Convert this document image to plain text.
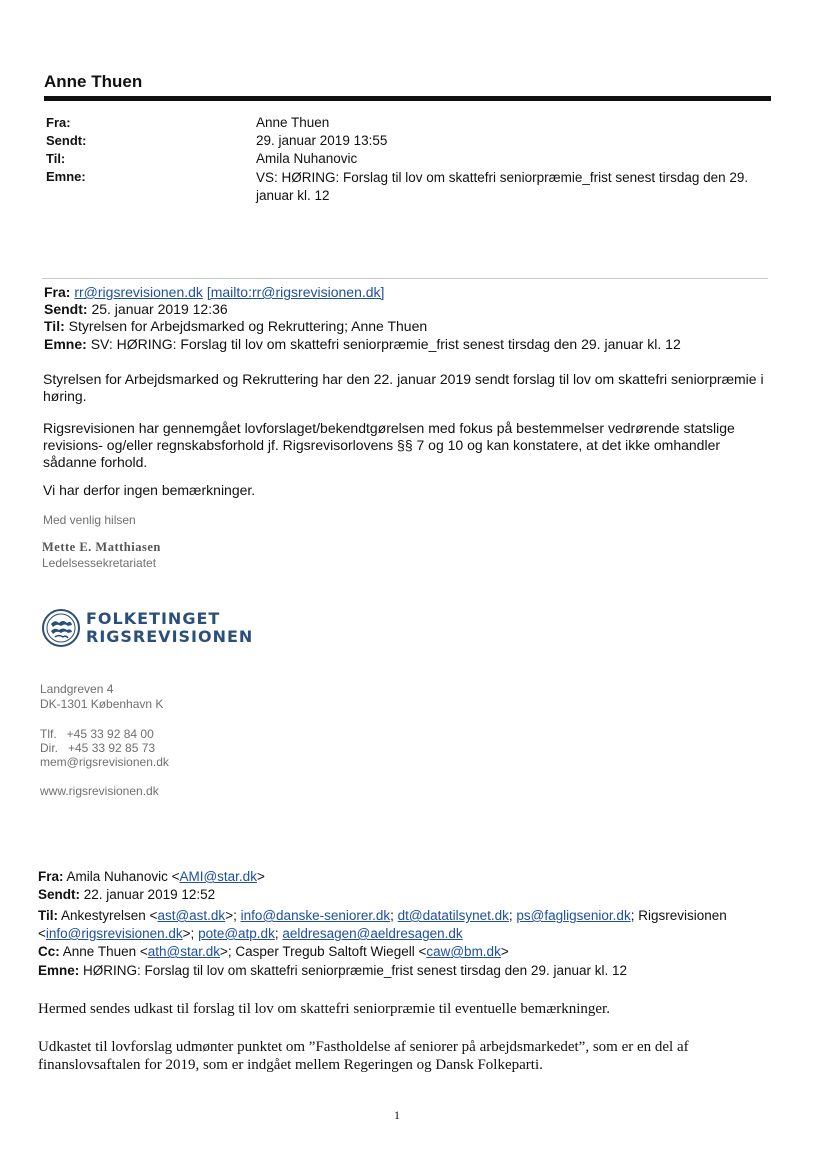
Anne Thuen
Fra:	Anne Thuen
Sendt:	29. januar 2019 13:55
Til:	Amila Nuhanovic
Emne:	VS: HØRING: Forslag til lov om skattefri seniorpræmie_frist senest tirsdag den 29. januar kl. 12
Fra: rr@rigsrevisionen.dk [mailto:rr@rigsrevisionen.dk]
Sendt: 25. januar 2019 12:36
Til: Styrelsen for Arbejdsmarked og Rekruttering; Anne Thuen
Emne: SV: HØRING: Forslag til lov om skattefri seniorpræmie_frist senest tirsdag den 29. januar kl. 12
Styrelsen for Arbejdsmarked og Rekruttering har den 22. januar 2019 sendt forslag til lov om skattefri seniorpræmie i
høring.
Rigsrevisionen har gennemgået lovforslaget/bekendtgørelsen med fokus på bestemmelser vedrørende statslige
revisions- og/eller regnskabsforhold jf. Rigsrevisorlovens §§ 7 og 10 og kan konstatere, at det ikke omhandler
sådanne forhold.
Vi har derfor ingen bemærkninger.
Med venlig hilsen
Mette E. Matthiasen
Ledelsessekretariatet
FOLKETINGET
RIGSREVISIONEN
Landgreven 4
DK-1301 København K
Tlf.   +45 33 92 84 00
Dir.   +45 33 92 85 73
mem@rigsrevisionen.dk
www.rigsrevisionen.dk
Fra: Amila Nuhanovic <AMI@star.dk>
Sendt: 22. januar 2019 12:52
Til: Ankestyrelsen <ast@ast.dk>; info@danske-seniorer.dk; dt@datatilsynet.dk; ps@fagligsenior.dk; Rigsrevisionen
<info@rigsrevisionen.dk>; pote@atp.dk; aeldresagen@aeldresagen.dk
Cc: Anne Thuen <ath@star.dk>; Casper Tregub Saltoft Wiegell <caw@bm.dk>
Emne: HØRING: Forslag til lov om skattefri seniorpræmie_frist senest tirsdag den 29. januar kl. 12
Hermed sendes udkast til forslag til lov om skattefri seniorpræmie til eventuelle bemærkninger.
Udkastet til lovforslag udmønter punktet om ”Fastholdelse af seniorer på arbejdsmarkedet”, som er en del af
finanslovsaftalen for 2019, som er indgået mellem Regeringen og Dansk Folkeparti.
1
